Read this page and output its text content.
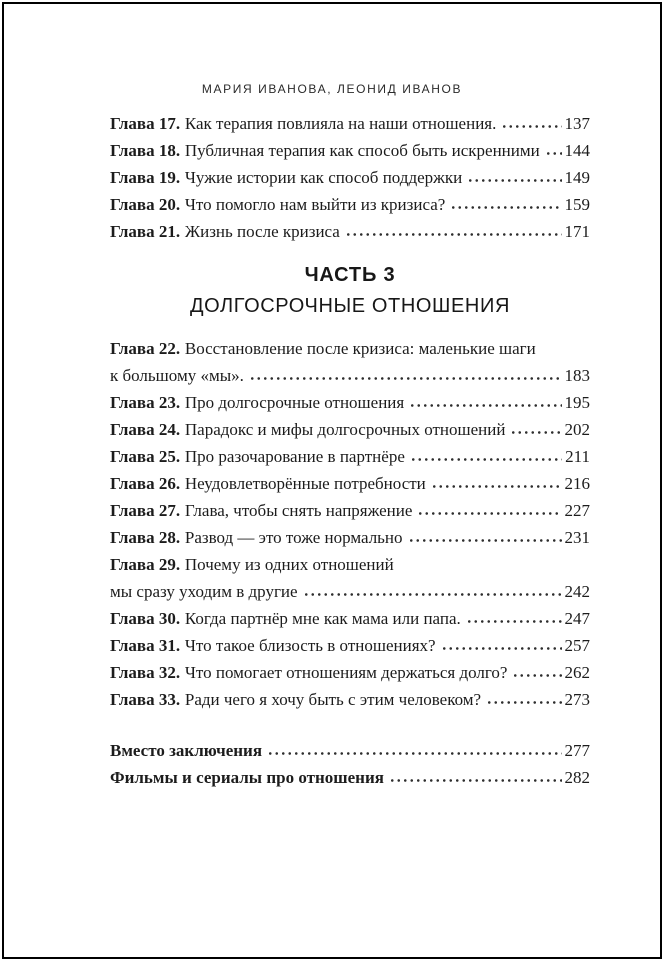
МАРИЯ ИВАНОВА, ЛЕОНИД ИВАНОВ
Глава 17. Как терапия повлияла на наши отношения.	137
Глава 18. Публичная терапия как способ быть искренними 144
Глава 19. Чужие истории как способ поддержки	149
Глава 20. Что помогло нам выйти из кризиса?	159
Глава 21. Жизнь после кризиса	171
ЧАСТЬ 3
ДОЛГОСРОЧНЫЕ ОТНОШЕНИЯ
Глава 22. Восстановление после кризиса: маленькие шаги
к большому «мы».	183
Глава 23. Про долгосрочные отношения	195
Глава 24. Парадокс и мифы долгосрочных отношений	202
Глава 25. Про разочарование в партнёре	211
Глава 26. Неудовлетворённые потребности	216
Глава 27. Глава, чтобы снять напряжение	227
Глава 28. Развод — это тоже нормально	231
Глава 29. Почему из одних отношений
мы сразу уходим в другие	242
Глава 30. Когда партнёр мне как мама или папа.	247
Глава 31. Что такое близость в отношениях?	257
Глава 32. Что помогает отношениям держаться долго?	262
Глава 33. Ради чего я хочу быть с этим человеком?	273
Вместо заключения	277
Фильмы и сериалы про отношения	282
